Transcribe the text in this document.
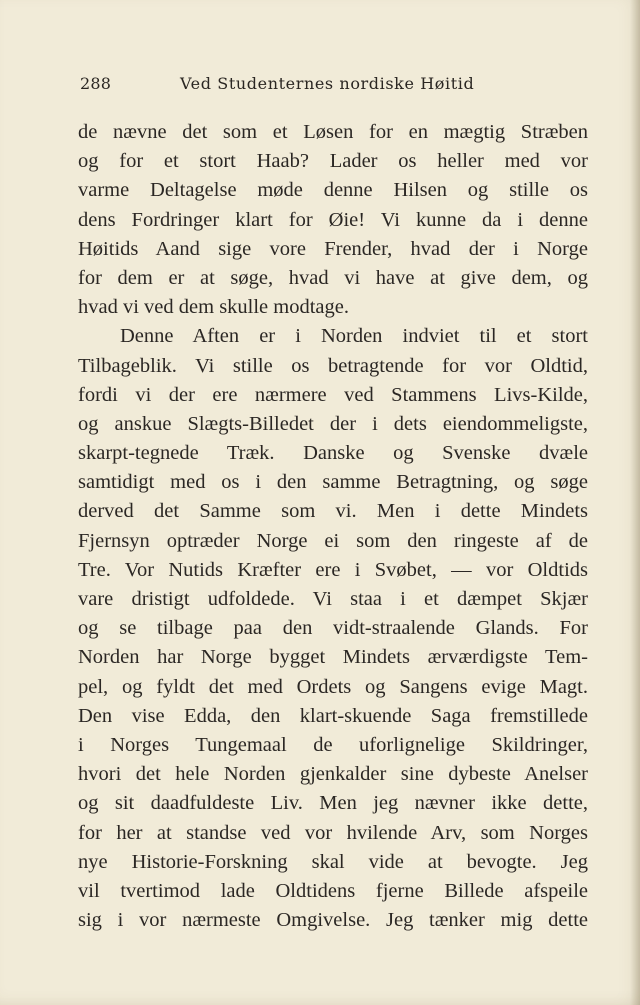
288	Ved Studenternes nordiske Høitid
de nævne det som et Løsen for en mægtig Stræben
og for et stort Haab? Lader os heller med vor
varme Deltagelse møde denne Hilsen og stille os
dens Fordringer klart for Øie! Vi kunne da i denne
Høitids Aand sige vore Frender, hvad der i Norge
for dem er at søge, hvad vi have at give dem, og
hvad vi ved dem skulle modtage.
Denne Aften er i Norden indviet til et stort
Tilbageblik. Vi stille os betragtende for vor Oldtid,
fordi vi der ere nærmere ved Stammens Livs-Kilde,
og anskue Slægts-Billedet der i dets eiendommeligste,
skarpt-tegnede Træk. Danske og Svenske dvæle
samtidigt med os i den samme Betragtning, og søge
derved det Samme som vi. Men i dette Mindets
Fjernsyn optræder Norge ei som den ringeste af de
Tre. Vor Nutids Kræfter ere i Svøbet, — vor Oldtids
vare dristigt udfoldede. Vi staa i et dæmpet Skjær
og se tilbage paa den vidt-straalende Glands. For
Norden har Norge bygget Mindets ærværdigste Tem-
pel, og fyldt det med Ordets og Sangens evige Magt.
Den vise Edda, den klart-skuende Saga fremstillede
i Norges Tungemaal de uforlignelige Skildringer,
hvori det hele Norden gjenkalder sine dybeste Anelser
og sit daadfuldeste Liv. Men jeg nævner ikke dette,
for her at standse ved vor hvilende Arv, som Norges
nye Historie-Forskning skal vide at bevogte. Jeg
vil tvertimod lade Oldtidens fjerne Billede afspeile
sig i vor nærmeste Omgivelse. Jeg tænker mig dette
